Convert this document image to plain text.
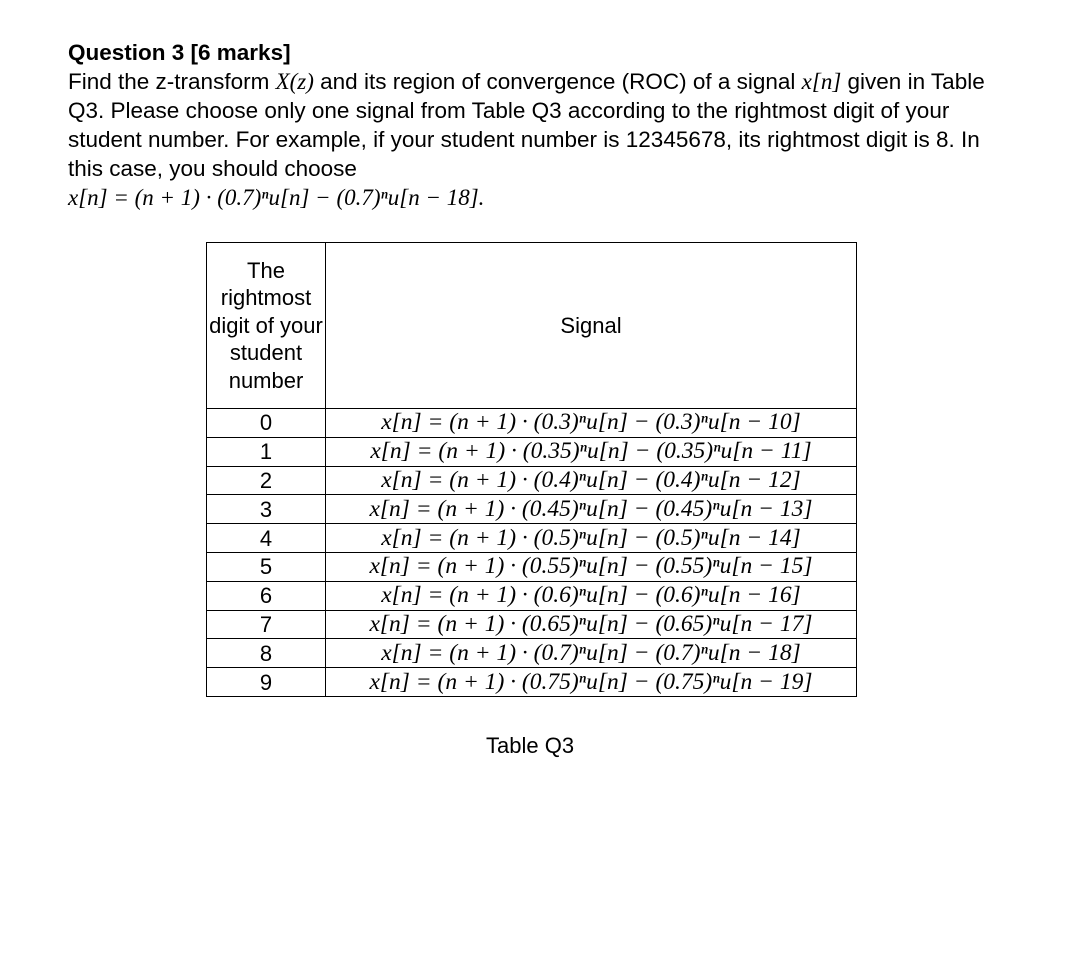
Question 3 [6 marks]
Find the z-transform X(z) and its region of convergence (ROC) of a signal x[n] given in Table Q3. Please choose only one signal from Table Q3 according to the rightmost digit of your student number. For example, if your student number is 12345678, its rightmost digit is 8. In this case, you should choose
x[n] = (n + 1) · (0.7)ⁿu[n] − (0.7)ⁿu[n − 18].
The rightmost digit of your student number	Signal
0	x[n] = (n + 1) · (0.3)ⁿu[n] − (0.3)ⁿu[n − 10]
1	x[n] = (n + 1) · (0.35)ⁿu[n] − (0.35)ⁿu[n − 11]
2	x[n] = (n + 1) · (0.4)ⁿu[n] − (0.4)ⁿu[n − 12]
3	x[n] = (n + 1) · (0.45)ⁿu[n] − (0.45)ⁿu[n − 13]
4	x[n] = (n + 1) · (0.5)ⁿu[n] − (0.5)ⁿu[n − 14]
5	x[n] = (n + 1) · (0.55)ⁿu[n] − (0.55)ⁿu[n − 15]
6	x[n] = (n + 1) · (0.6)ⁿu[n] − (0.6)ⁿu[n − 16]
7	x[n] = (n + 1) · (0.65)ⁿu[n] − (0.65)ⁿu[n − 17]
8	x[n] = (n + 1) · (0.7)ⁿu[n] − (0.7)ⁿu[n − 18]
9	x[n] = (n + 1) · (0.75)ⁿu[n] − (0.75)ⁿu[n − 19]
Table Q3
